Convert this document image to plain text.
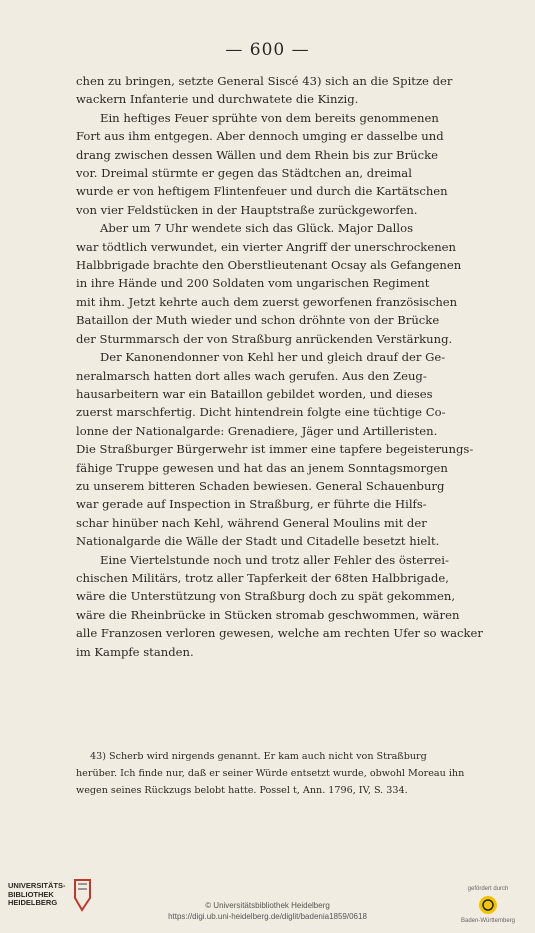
— 600 —

chen zu bringen, setzte General Siscé 43) sich an die Spitze der
wackern Infanterie und durchwatete die Kinzig.

Ein heftiges Feuer sprühte von dem bereits genommenen
Fort aus ihm entgegen. Aber dennoch umging er dasselbe und
drang zwischen dessen Wällen und dem Rhein bis zur Brücke
vor. Dreimal stürmte er gegen das Städtchen an, dreimal
wurde er von heftigem Flintenfeuer und durch die Kartätschen
von vier Feldstücken in der Hauptstraße zurückgeworfen.

Aber um 7 Uhr wendete sich das Glück. Major Dallos
war tödtlich verwundet, ein vierter Angriff der unerschrockenen
Halbbrigade brachte den Oberstlieutenant Ocsay als Gefangenen
in ihre Hände und 200 Soldaten vom ungarischen Regiment
mit ihm. Jetzt kehrte auch dem zuerst geworfenen französischen
Bataillon der Muth wieder und schon dröhnte von der Brücke
der Sturmmarsch der von Straßburg anrückenden Verstärkung.

Der Kanonendonner von Kehl her und gleich drauf der Ge-
neralmarsch hatten dort alles wach gerufen. Aus den Zeug-
hausarbeitern war ein Bataillon gebildet worden, und dieses
zuerst marschfertig. Dicht hintendrein folgte eine tüchtige Co-
lonne der Nationalgarde: Grenadiere, Jäger und Artilleristen.
Die Straßburger Bürgerwehr ist immer eine tapfere begeisterungs-
fähige Truppe gewesen und hat das an jenem Sonntagsmorgen
zu unserem bitteren Schaden bewiesen. General Schauenburg
war gerade auf Inspection in Straßburg, er führte die Hilfs-
schar hinüber nach Kehl, während General Moulins mit der
Nationalgarde die Wälle der Stadt und Citadelle besetzt hielt.

Eine Viertelstunde noch und trotz aller Fehler des österrei-
chischen Militärs, trotz aller Tapferkeit der 68ten Halbbrigade,
wäre die Unterstützung von Straßburg doch zu spät gekommen,
wäre die Rheinbrücke in Stücken stromab geschwommen, wären
alle Franzosen verloren gewesen, welche am rechten Ufer so wacker
im Kampfe standen.

43) Scherb wird nirgends genannt. Er kam auch nicht von Straßburg
herüber. Ich finde nur, daß er seiner Würde entsetzt wurde, obwohl Moreau ihn
wegen seines Rückzugs belobt hatte. Possel t, Ann. 1796, IV, S. 334.
UNIVERSITÄTS-
BIBLIOTHEK
HEIDELBERG	© Universitätsbibliothek Heidelberg
https://digi.ub.uni-heidelberg.de/diglit/badenia1859/0618
gefördert durch
Baden-Württemberg
